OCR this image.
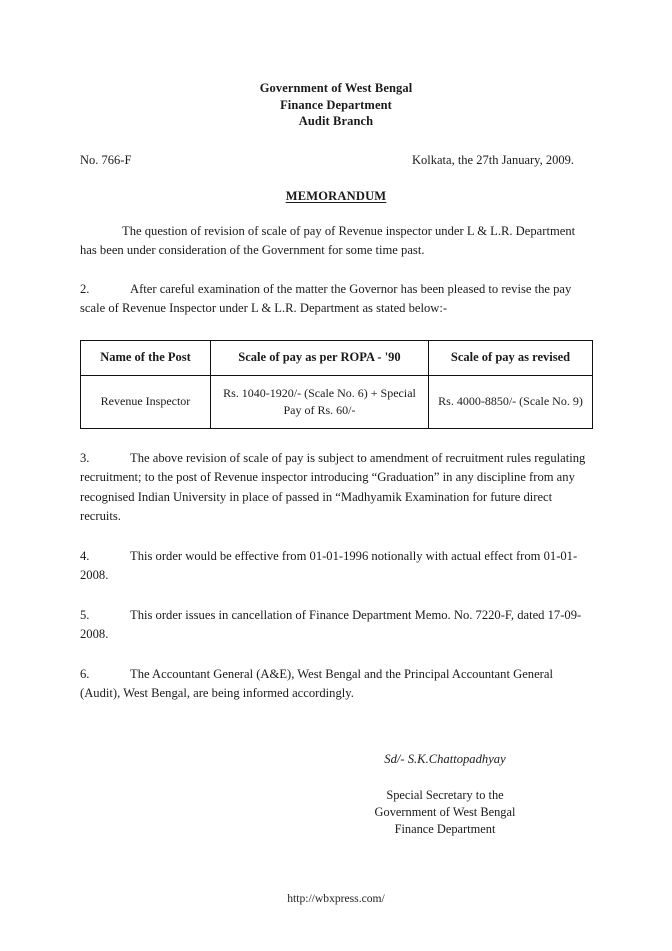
Government of West Bengal
Finance Department
Audit Branch
No. 766-F	Kolkata, the 27th January, 2009.
MEMORANDUM

The question of revision of scale of pay of Revenue inspector under L & L.R. Department has been under consideration of the Government for some time past.

2.	After careful examination of the matter the Governor has been pleased to revise the pay scale of Revenue Inspector under L & L.R. Department as stated below:-

Name of the Post	Scale of pay as per ROPA - '90	Scale of pay as revised
Revenue Inspector	Rs. 1040-1920/- (Scale No. 6) + Special Pay of Rs. 60/-	Rs. 4000-8850/- (Scale No. 9)

3.	The above revision of scale of pay is subject to amendment of recruitment rules regulating recruitment; to the post of Revenue inspector introducing “Graduation” in any discipline from any recognised Indian University in place of passed in “Madhyamik Examination for future direct recruits.

4.	This order would be effective from 01-01-1996 notionally with actual effect from 01-01-2008.

5.	This order issues in cancellation of Finance Department Memo. No. 7220-F, dated 17-09-2008.

6.	The Accountant General (A&E), West Bengal and the Principal Accountant General (Audit), West Bengal, are being informed accordingly.

Sd/- S.K.Chattopadhyay
Special Secretary to the
Government of West Bengal
Finance Department
http://wbxpress.com/
